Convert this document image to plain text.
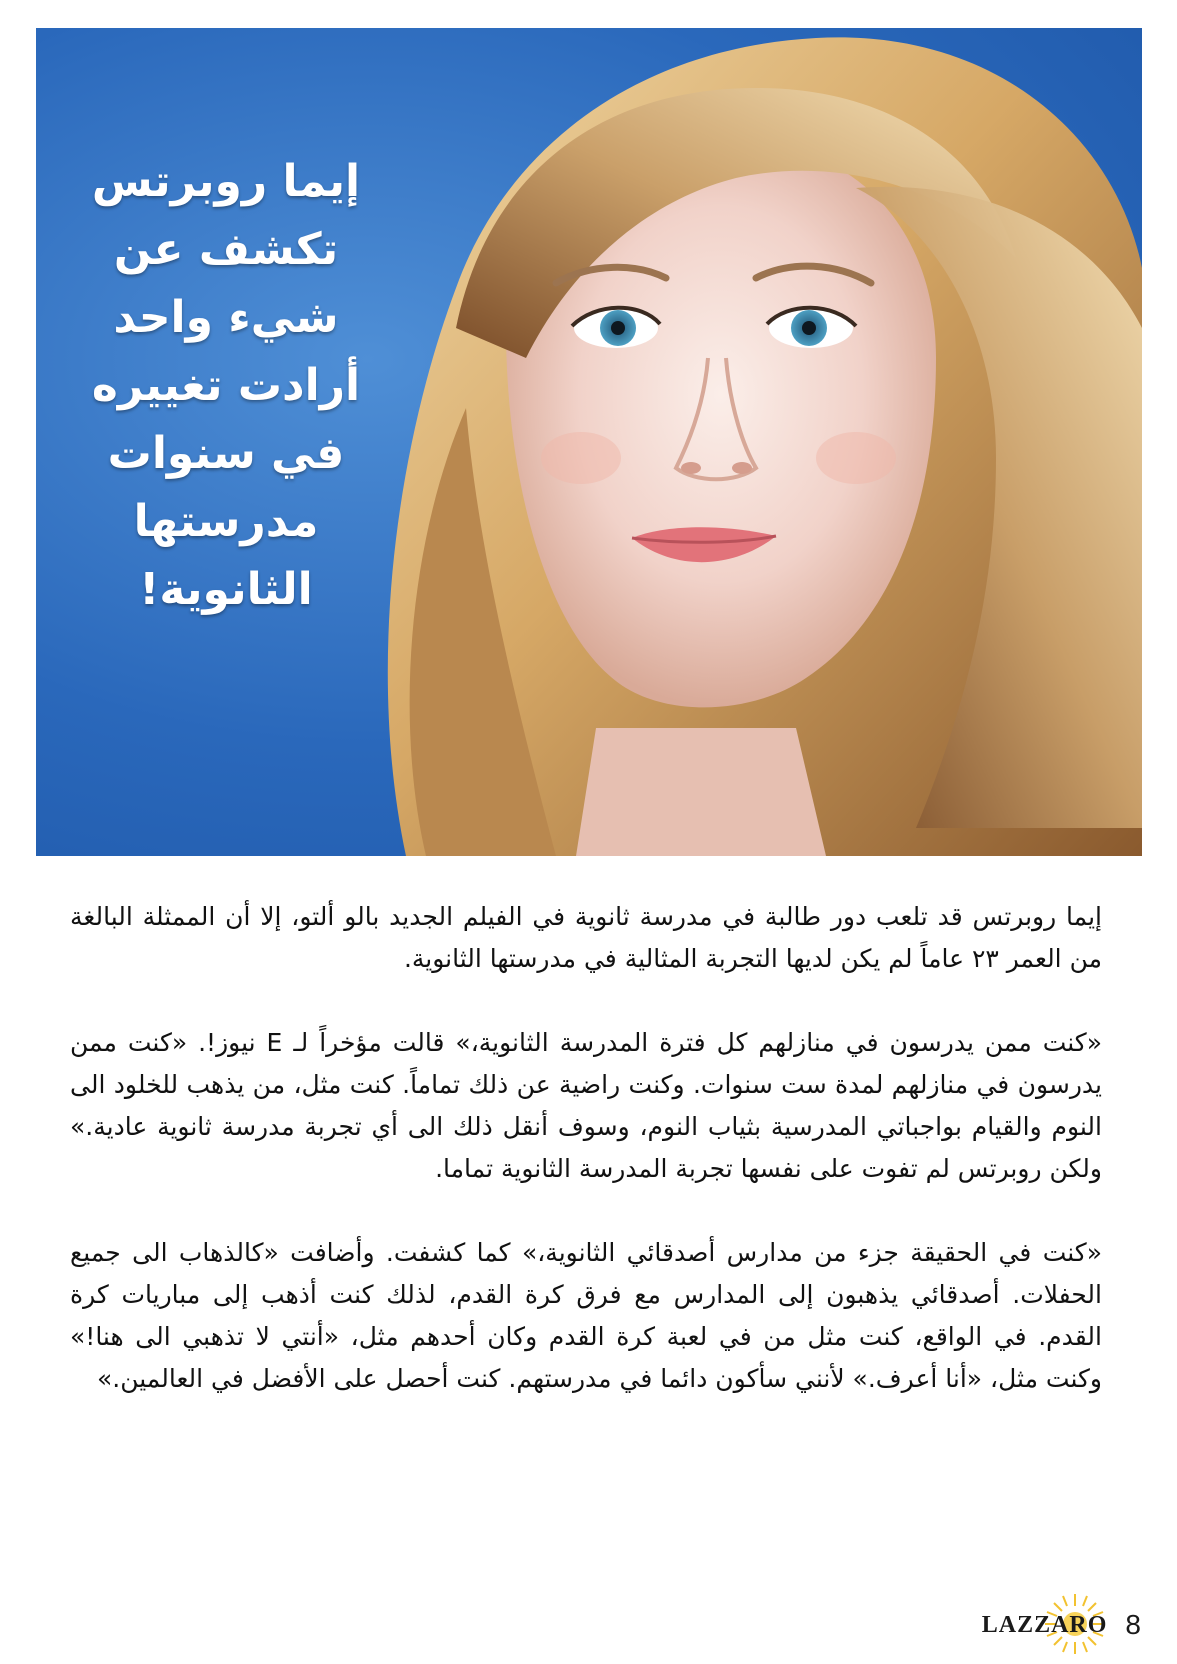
إيما روبرتس
تكشف عن
شيء واحد
أرادت تغييره
في سنوات
مدرستها
الثانوية!

إيما روبرتس قد تلعب دور طالبة في مدرسة ثانوية في الفيلم الجديد بالو ألتو، إلا أن الممثلة البالغة من العمر ٢٣ عاماً لم يكن لديها التجربة المثالية في مدرستها الثانوية.

«كنت ممن يدرسون في منازلهم كل فترة المدرسة الثانوية،» قالت مؤخراً لـ E نيوز!. «كنت ممن يدرسون في منازلهم لمدة ست سنوات. وكنت راضية عن ذلك تماماً. كنت مثل، من يذهب للخلود الى النوم والقيام بواجباتي المدرسية بثياب النوم، وسوف أنقل ذلك الى أي تجربة مدرسة ثانوية عادية.» ولكن روبرتس لم تفوت على نفسها تجربة المدرسة الثانوية تماما.

«كنت في الحقيقة جزء من مدارس أصدقائي الثانوية،» كما كشفت. وأضافت «كالذهاب الى جميع الحفلات. أصدقائي يذهبون إلى المدارس مع فرق كرة القدم، لذلك كنت أذهب إلى مباريات كرة القدم. في الواقع، كنت مثل من في لعبة كرة القدم وكان أحدهم مثل، «أنتي لا تذهبي الى هنا!» وكنت مثل، «أنا أعرف.» لأنني سأكون دائما في مدرستهم. كنت أحصل على الأفضل في العالمين.»

LAZZARO 8
